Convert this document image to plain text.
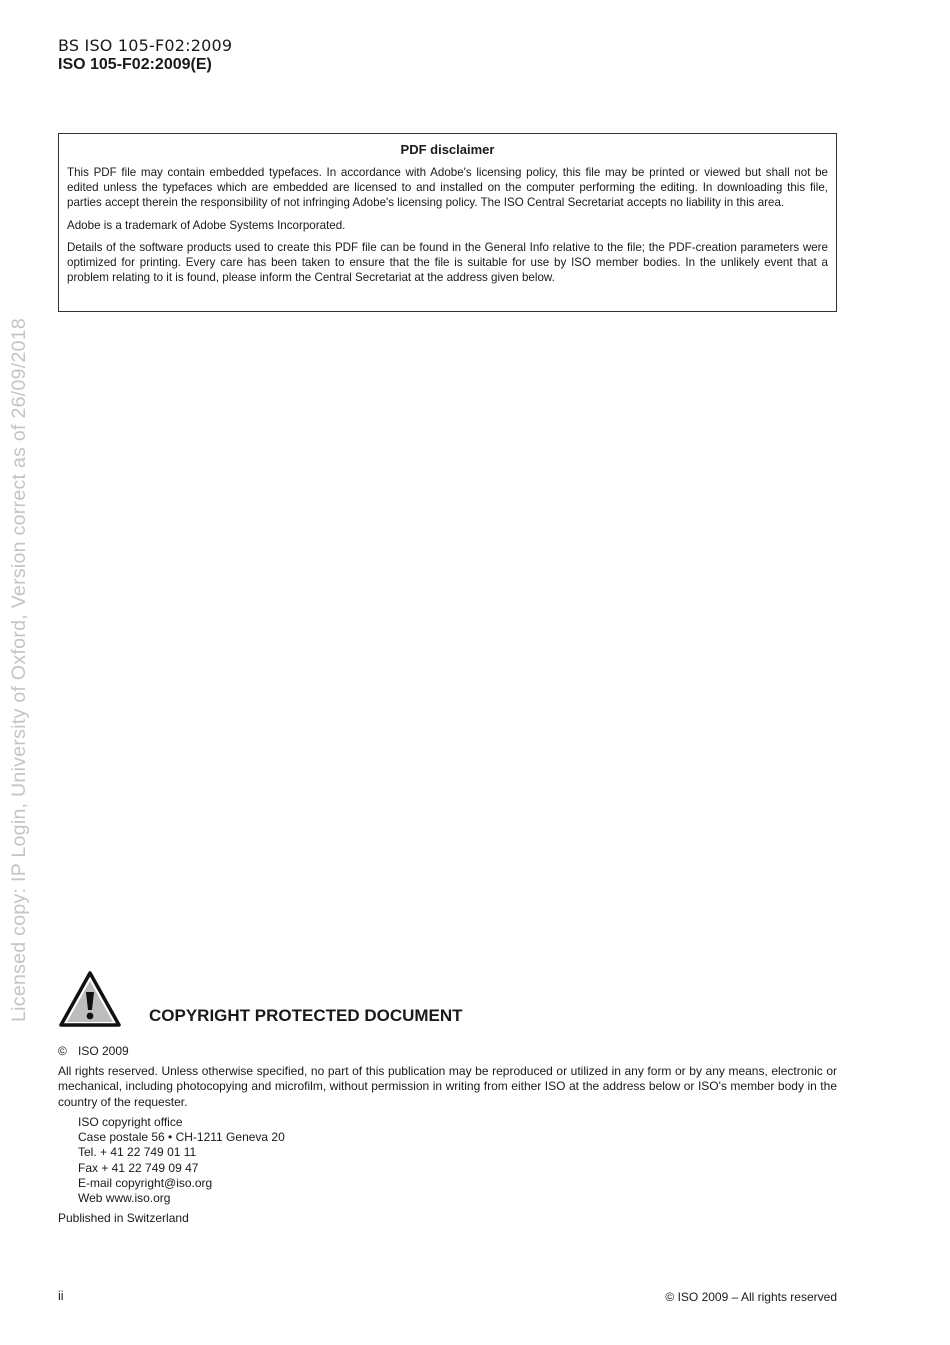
BS ISO 105-F02:2009
ISO 105-F02:2009(E)
Licensed copy: IP Login, University of Oxford, Version correct as of 26/09/2018
PDF disclaimer

This PDF file may contain embedded typefaces. In accordance with Adobe's licensing policy, this file may be printed or viewed but shall not be edited unless the typefaces which are embedded are licensed to and installed on the computer performing the editing. In downloading this file, parties accept therein the responsibility of not infringing Adobe's licensing policy. The ISO Central Secretariat accepts no liability in this area.

Adobe is a trademark of Adobe Systems Incorporated.

Details of the software products used to create this PDF file can be found in the General Info relative to the file; the PDF-creation parameters were optimized for printing. Every care has been taken to ensure that the file is suitable for use by ISO member bodies. In the unlikely event that a problem relating to it is found, please inform the Central Secretariat at the address given below.

COPYRIGHT PROTECTED DOCUMENT
© ISO 2009
All rights reserved. Unless otherwise specified, no part of this publication may be reproduced or utilized in any form or by any means, electronic or mechanical, including photocopying and microfilm, without permission in writing from either ISO at the address below or ISO's member body in the country of the requester.
ISO copyright office
Case postale 56 • CH-1211 Geneva 20
Tel. + 41 22 749 01 11
Fax + 41 22 749 09 47
E-mail copyright@iso.org
Web www.iso.org
Published in Switzerland
ii	© ISO 2009 – All rights reserved
